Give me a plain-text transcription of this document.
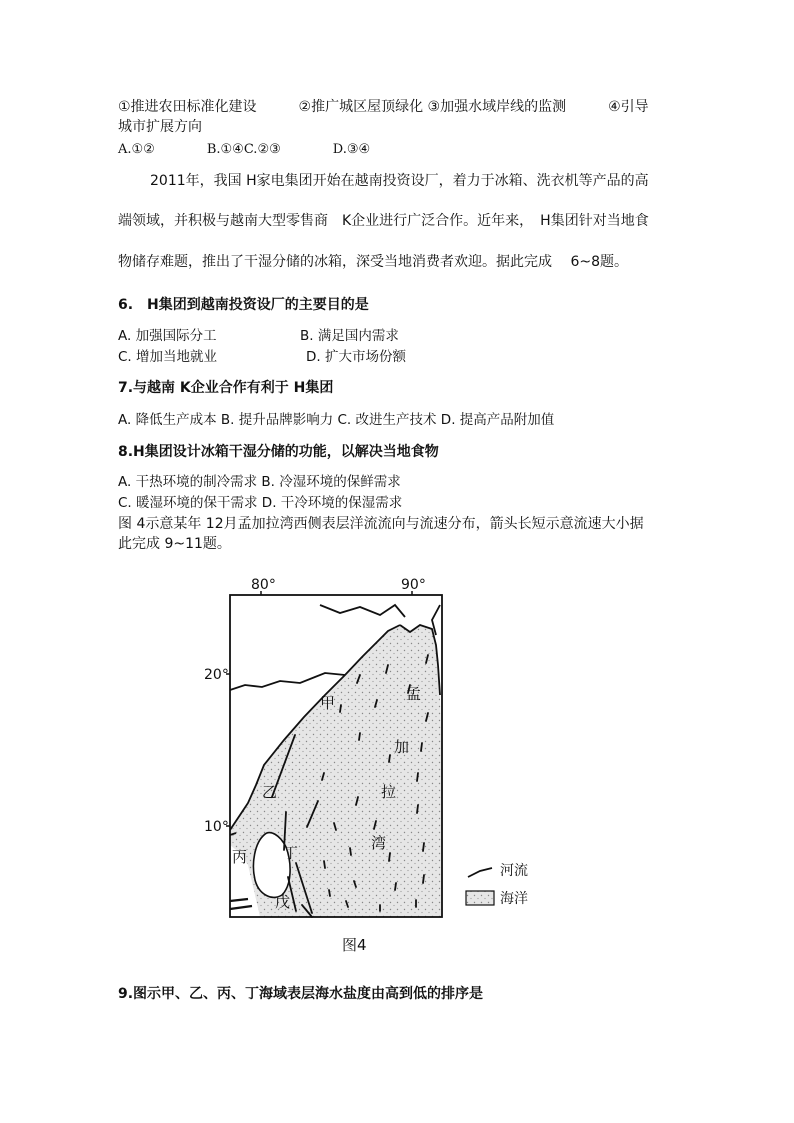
①推进农田标准化建设　　　②推广城区屋顶绿化 ③加强水域岸线的监测　　　④引导
城市扩展方向
A.①②　　　　B.①④C.②③　　　　D.③④
2011年，我国 H家电集团开始在越南投资设厂，着力于冰箱、洗衣机等产品的高
端领域，并积极与越南大型零售商　K企业进行广泛合作。近年来，　H集团针对当地食
物储存难题，推出了干湿分储的冰箱，深受当地消费者欢迎。据此完成　 6~8题。
6.　H集团到越南投资设厂的主要目的是
A. 加强国际分工	B. 满足国内需求
C. 增加当地就业	D. 扩大市场份额
7.与越南 K企业合作有利于 H集团
A. 降低生产成本 B. 提升品牌影响力 C. 改进生产技术 D. 提高产品附加值
8.H集团设计冰箱干湿分储的功能，以解决当地食物
A. 干热环境的制冷需求 B. 冷湿环境的保鲜需求
C. 暖湿环境的保干需求 D. 干冷环境的保湿需求
图 4示意某年 12月孟加拉湾西侧表层洋流流向与流速分布，箭头长短示意流速大小据
此完成 9~11题。
80°	90°
20°
10°
甲
乙
丙 丁
戊
孟
加
拉
湾
河流
海洋
图4
9.图示甲、乙、丙、丁海域表层海水盐度由高到低的排序是
